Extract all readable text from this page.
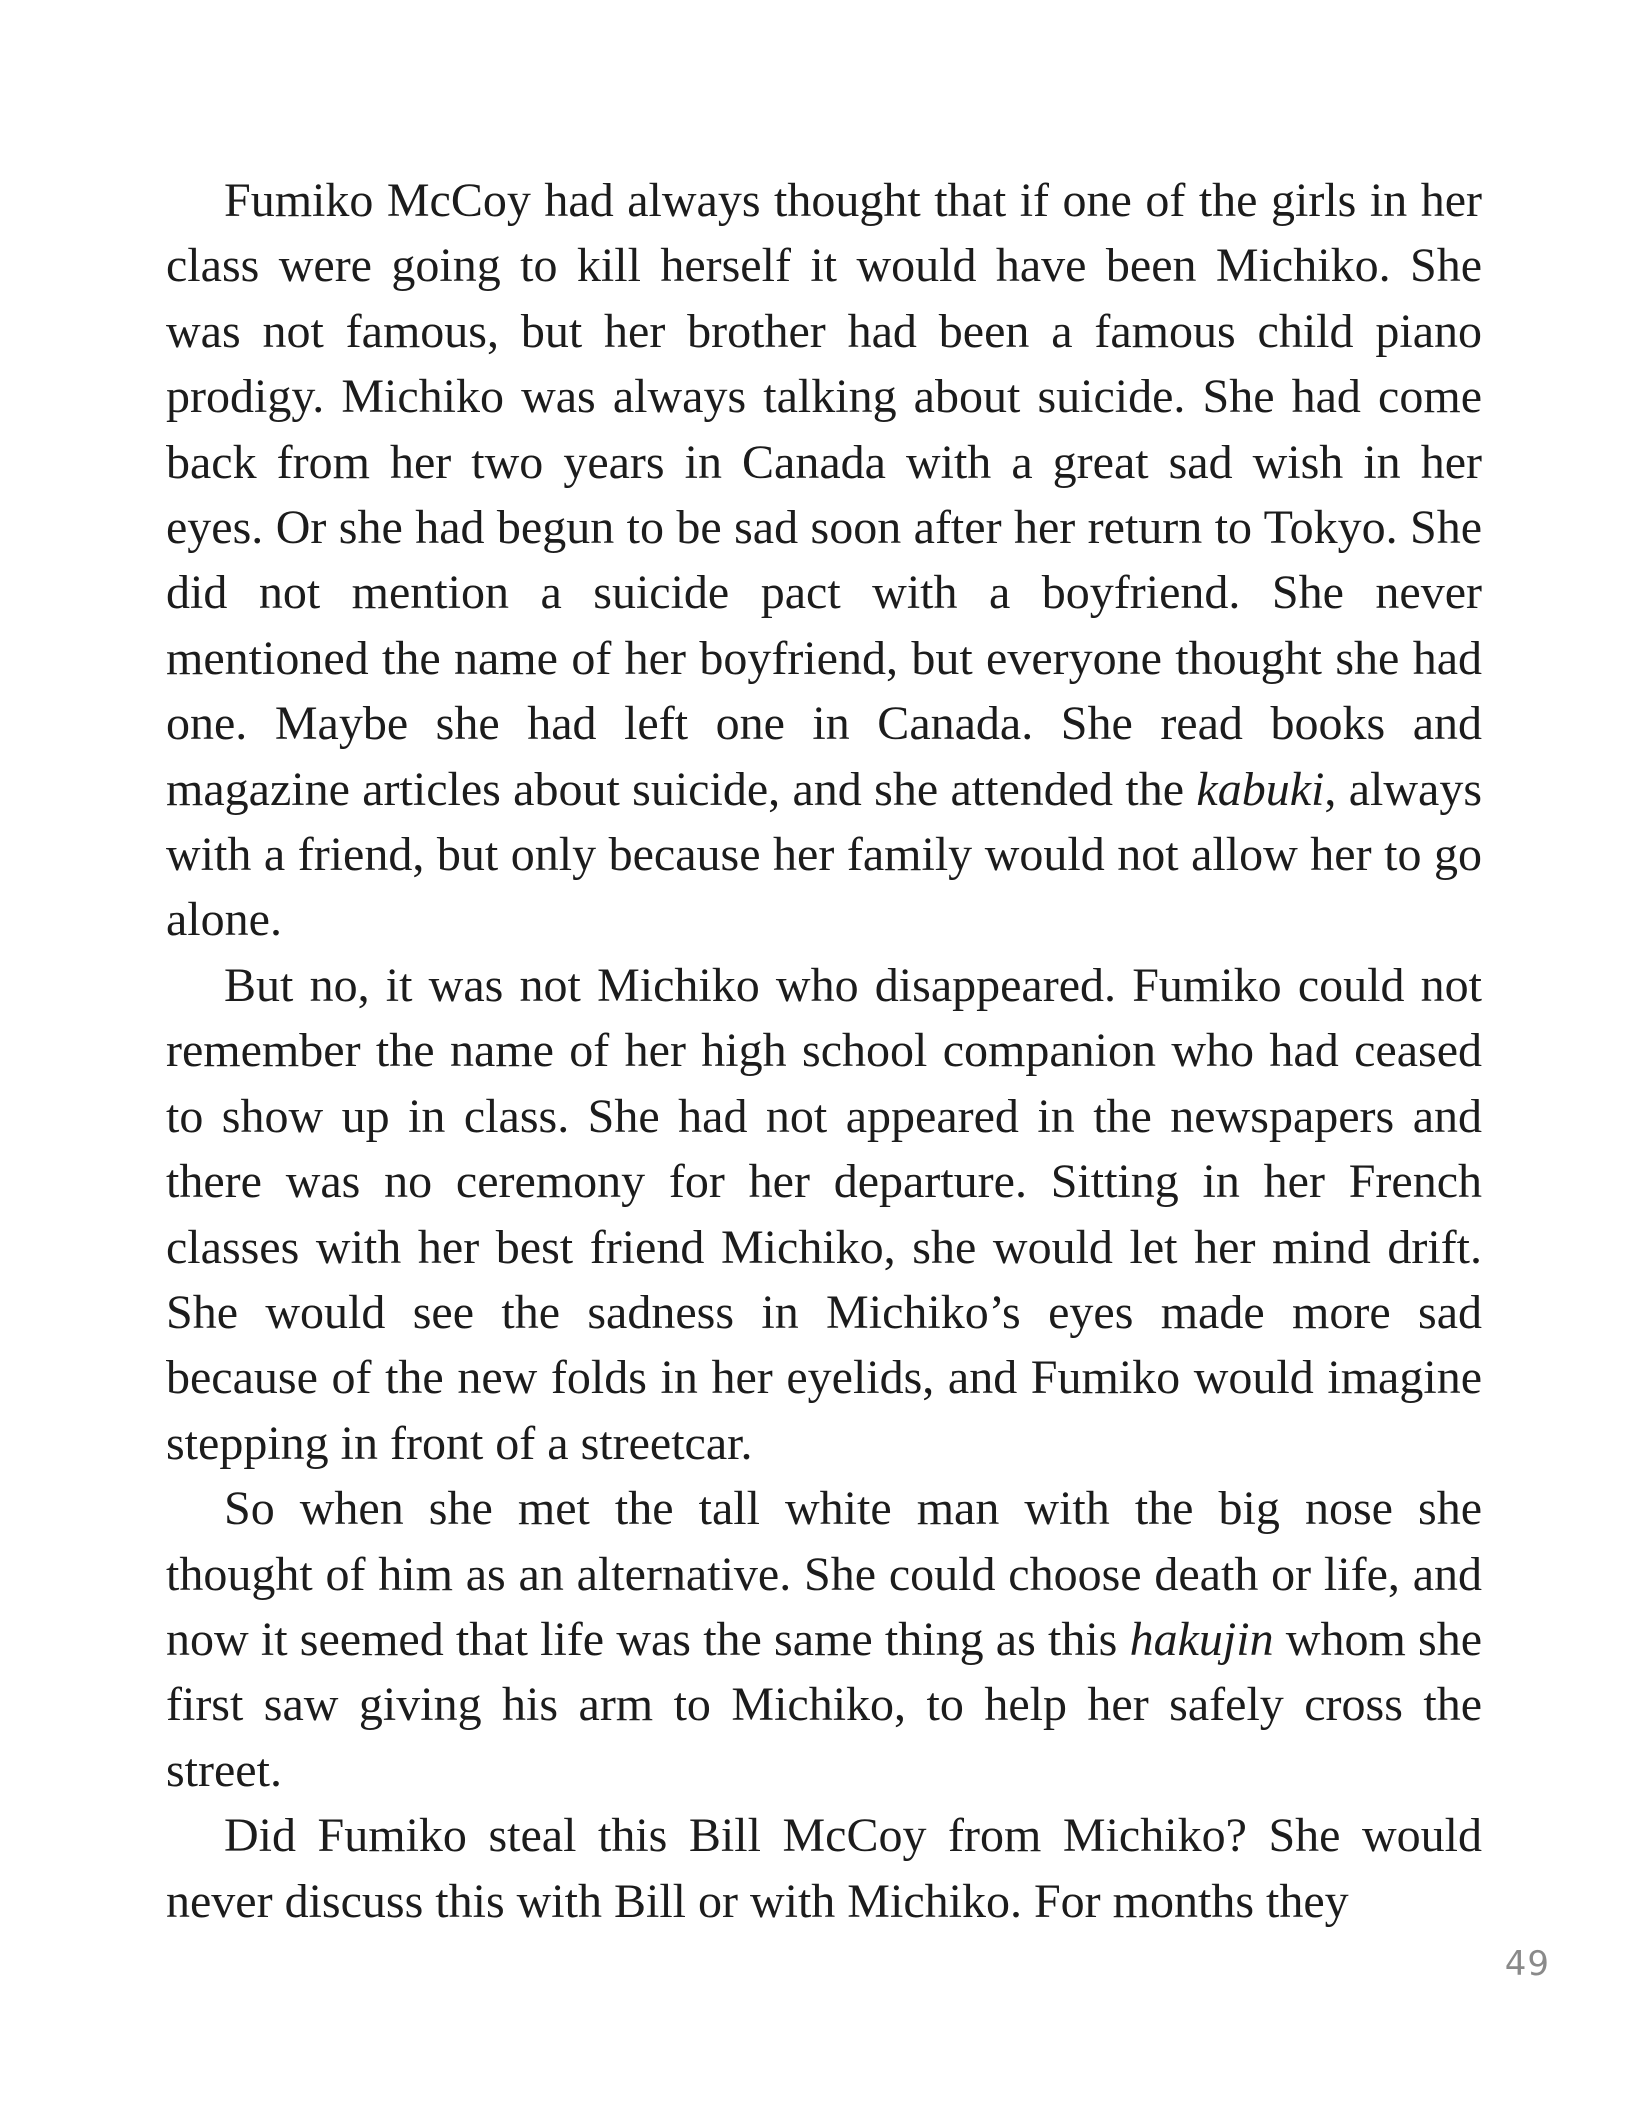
Fumiko McCoy had always thought that if one of the girls in her class were going to kill herself it would have been Michiko. She was not famous, but her brother had been a famous child piano prodigy. Michiko was always talking about suicide. She had come back from her two years in Canada with a great sad wish in her eyes. Or she had begun to be sad soon after her return to Tokyo. She did not mention a suicide pact with a boyfriend. She never mentioned the name of her boyfriend, but everyone thought she had one. Maybe she had left one in Canada. She read books and magazine articles about suicide, and she attended the kabuki, always with a friend, but only because her family would not allow her to go alone.

But no, it was not Michiko who disappeared. Fumiko could not remember the name of her high school companion who had ceased to show up in class. She had not appeared in the newspapers and there was no ceremony for her departure. Sitting in her French classes with her best friend Michiko, she would let her mind drift. She would see the sadness in Michiko’s eyes made more sad because of the new folds in her eyelids, and Fumiko would imagine stepping in front of a streetcar.

So when she met the tall white man with the big nose she thought of him as an alternative. She could choose death or life, and now it seemed that life was the same thing as this hakujin whom she first saw giving his arm to Michiko, to help her safely cross the street.

Did Fumiko steal this Bill McCoy from Michiko? She would never discuss this with Bill or with Michiko. For months they

49
